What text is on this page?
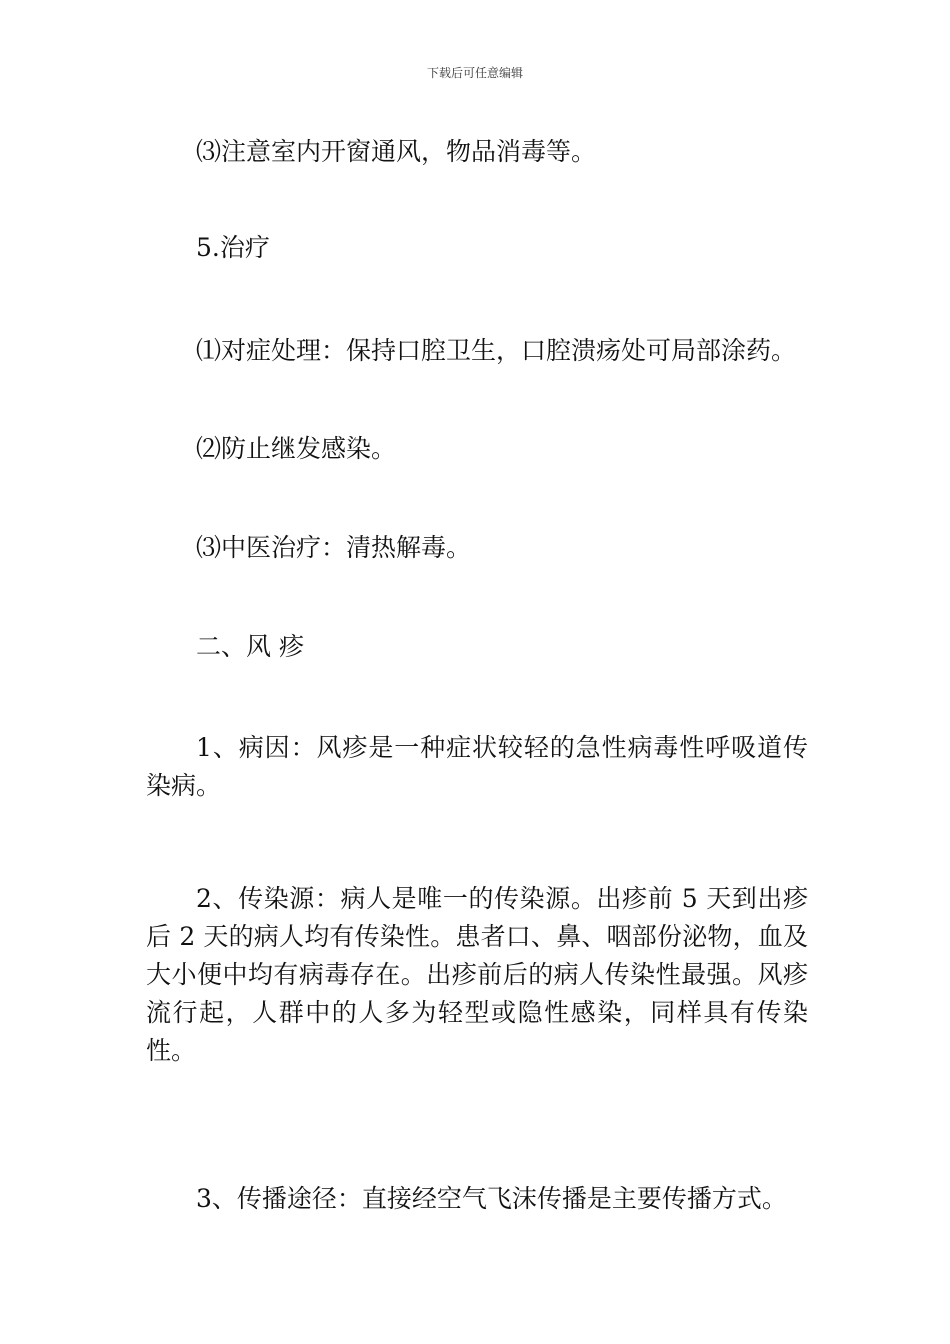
下载后可任意编辑

⑶注意室内开窗通风，物品消毒等。

5.治疗

⑴对症处理：保持口腔卫生，口腔溃疡处可局部涂药。

⑵防止继发感染。

⑶中医治疗：清热解毒。

二、风 疹

1、病因：风疹是一种症状较轻的急性病毒性呼吸道传染病。

2、传染源：病人是唯一的传染源。出疹前 5 天到出疹后 2 天的病人均有传染性。患者口、鼻、咽部份泌物，血及大小便中均有病毒存在。出疹前后的病人传染性最强。风疹流行起，人群中的人多为轻型或隐性感染，同样具有传染性。

3、传播途径：直接经空气飞沫传播是主要传播方式。
